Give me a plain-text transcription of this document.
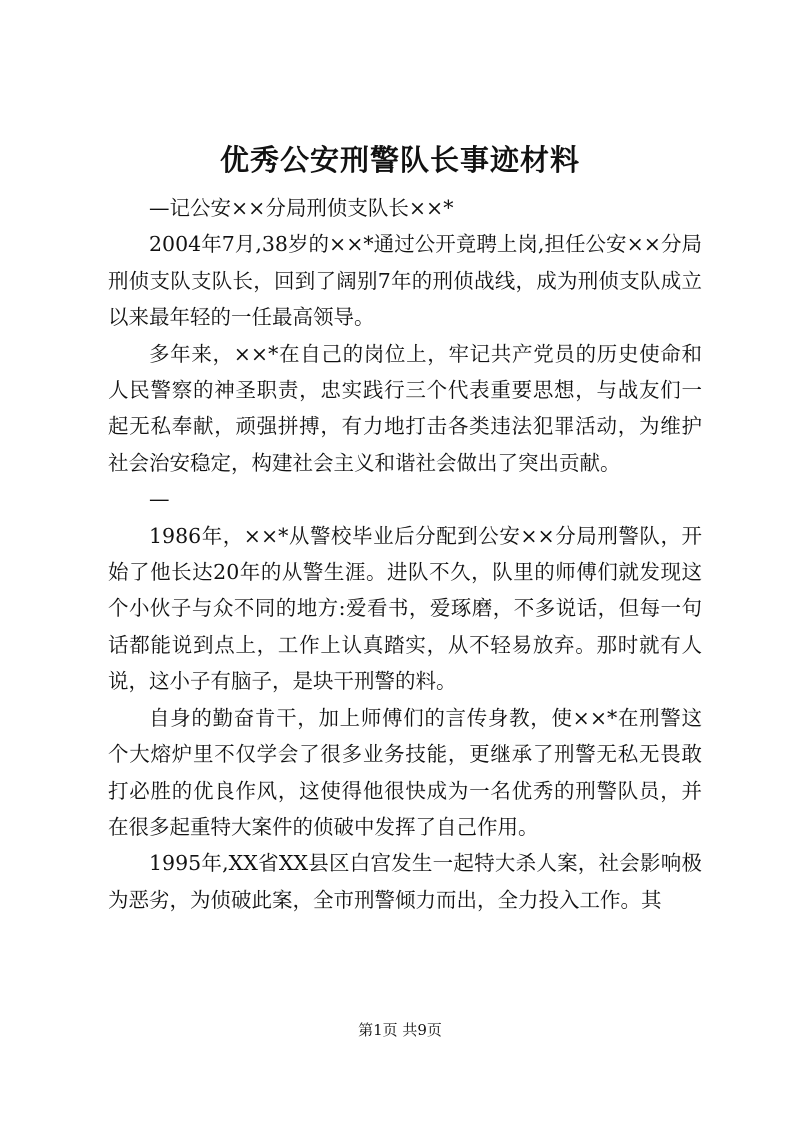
优秀公安刑警队长事迹材料

—记公安××分局刑侦支队长××*

2004年7月,38岁的××*通过公开竟聘上岗,担任公安××分局刑侦支队支队长，回到了阔别7年的刑侦战线，成为刑侦支队成立以来最年轻的一任最高领导。

多年来，××*在自己的岗位上，牢记共产党员的历史使命和人民警察的神圣职责，忠实践行三个代表重要思想，与战友们一起无私奉献，顽强拼搏，有力地打击各类违法犯罪活动，为维护社会治安稳定，构建社会主义和谐社会做出了突出贡献。

—

1986年，××*从警校毕业后分配到公安××分局刑警队，开始了他长达20年的从警生涯。进队不久，队里的师傅们就发现这个小伙子与众不同的地方:爱看书，爱琢磨，不多说话，但每一句话都能说到点上，工作上认真踏实，从不轻易放弃。那时就有人说，这小子有脑子，是块干刑警的料。

自身的勤奋肯干，加上师傅们的言传身教，使××*在刑警这个大熔炉里不仅学会了很多业务技能，更继承了刑警无私无畏敢打必胜的优良作风，这使得他很快成为一名优秀的刑警队员，并在很多起重特大案件的侦破中发挥了自己作用。

1995年,XX省XX县区白宫发生一起特大杀人案，社会影响极为恶劣，为侦破此案，全市刑警倾力而出，全力投入工作。其

第1页 共9页
